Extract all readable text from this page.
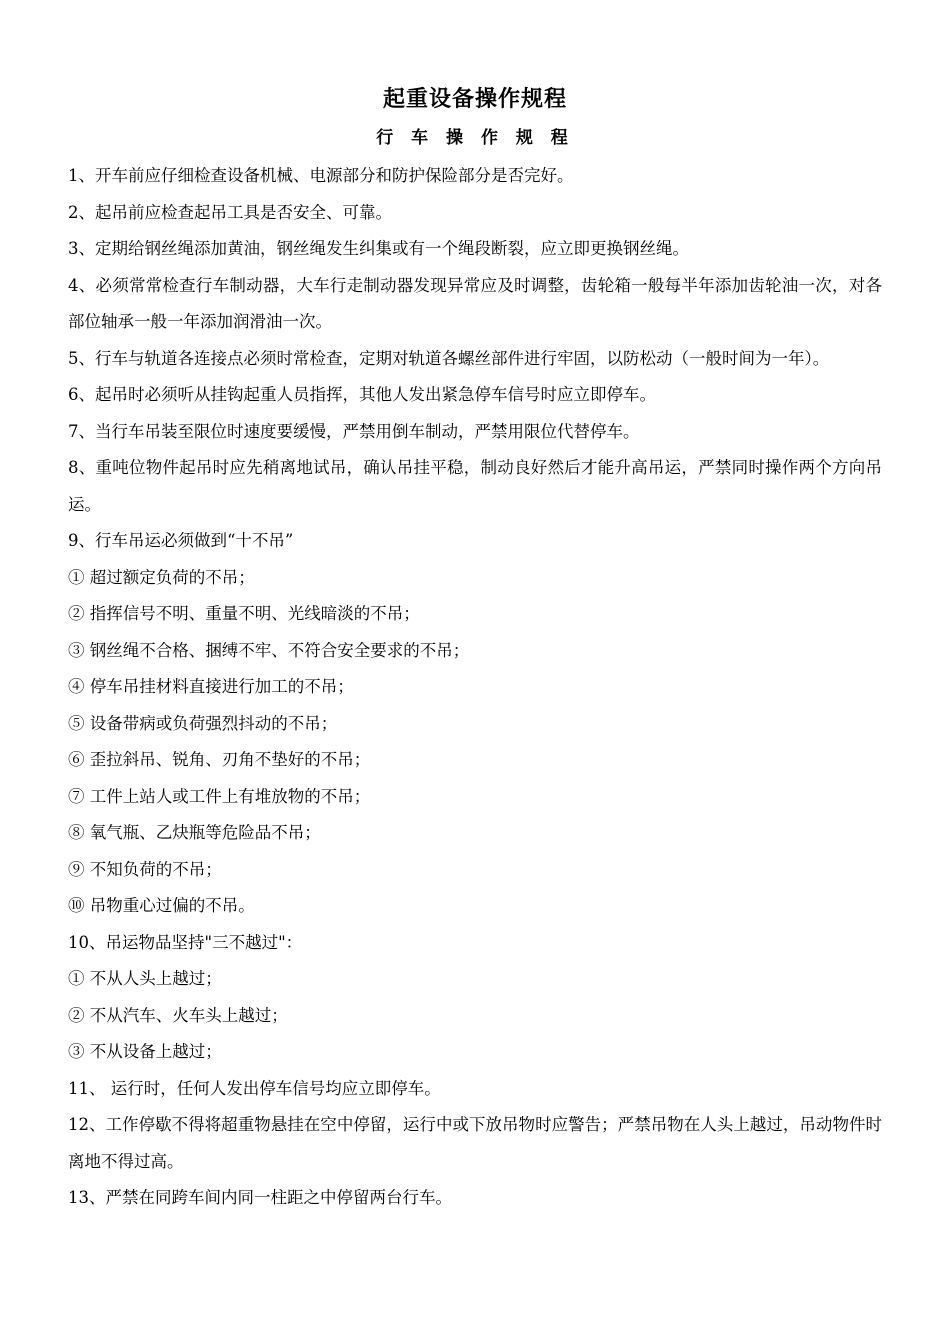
起重设备操作规程
行 车 操 作 规 程

1、开车前应仔细检查设备机械、电源部分和防护保险部分是否完好。

2、起吊前应检查起吊工具是否安全、可靠。

3、定期给钢丝绳添加黄油，钢丝绳发生纠集或有一个绳段断裂，应立即更换钢丝绳。

4、必须常常检查行车制动器，大车行走制动器发现异常应及时调整，齿轮箱一般每半年添加齿轮油一次，对各部位轴承一般一年添加润滑油一次。

5、行车与轨道各连接点必须时常检查，定期对轨道各螺丝部件进行牢固，以防松动（一般时间为一年）。

6、起吊时必须听从挂钩起重人员指挥，其他人发出紧急停车信号时应立即停车。

7、当行车吊装至限位时速度要缓慢，严禁用倒车制动，严禁用限位代替停车。

8、重吨位物件起吊时应先稍离地试吊，确认吊挂平稳，制动良好然后才能升高吊运，严禁同时操作两个方向吊运。

9、行车吊运必须做到“十不吊”

① 超过额定负荷的不吊；

② 指挥信号不明、重量不明、光线暗淡的不吊；

③ 钢丝绳不合格、捆缚不牢、不符合安全要求的不吊；

④ 停车吊挂材料直接进行加工的不吊；

⑤ 设备带病或负荷强烈抖动的不吊；

⑥ 歪拉斜吊、锐角、刃角不垫好的不吊；

⑦ 工件上站人或工件上有堆放物的不吊；

⑧ 氧气瓶、乙炔瓶等危险品不吊；

⑨ 不知负荷的不吊；

⑩ 吊物重心过偏的不吊。

10、吊运物品坚持"三不越过"：

① 不从人头上越过；

② 不从汽车、火车头上越过；

③ 不从设备上越过；

11、 运行时，任何人发出停车信号均应立即停车。

12、工作停歇不得将超重物悬挂在空中停留，运行中或下放吊物时应警告；严禁吊物在人头上越过，吊动物件时离地不得过高。

13、严禁在同跨车间内同一柱距之中停留两台行车。
